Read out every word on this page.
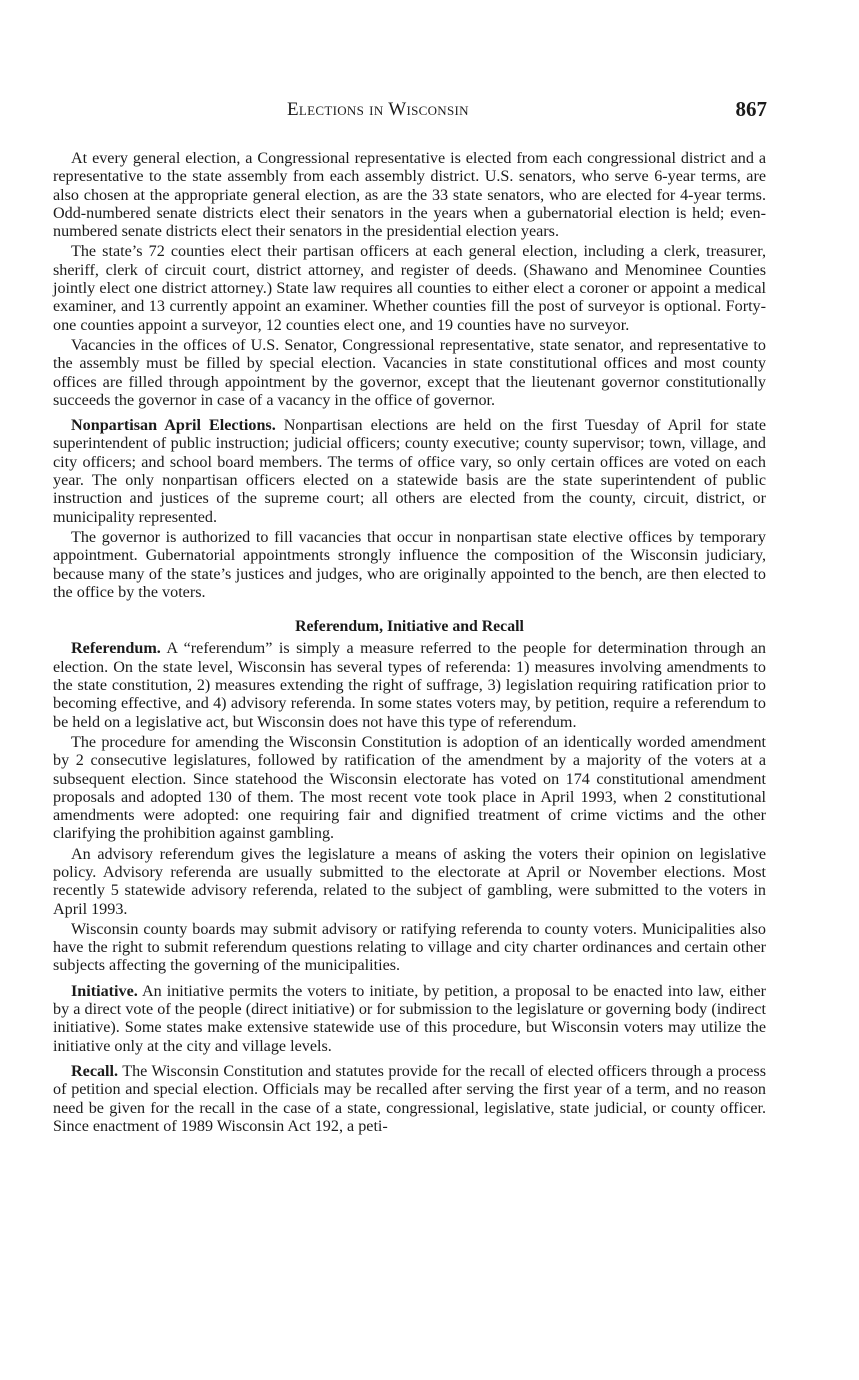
Elections in Wisconsin	867

At every general election, a Congressional representative is elected from each congressional district and a representative to the state assembly from each assembly district. U.S. senators, who serve 6-year terms, are also chosen at the appropriate general election, as are the 33 state senators, who are elected for 4-year terms. Odd-numbered senate districts elect their senators in the years when a gubernatorial election is held; even-numbered senate districts elect their senators in the presidential election years.

The state’s 72 counties elect their partisan officers at each general election, including a clerk, treasurer, sheriff, clerk of circuit court, district attorney, and register of deeds. (Shawano and Menominee Counties jointly elect one district attorney.) State law requires all counties to either elect a coroner or appoint a medical examiner, and 13 currently appoint an examiner. Whether counties fill the post of surveyor is optional. Forty-one counties appoint a surveyor, 12 counties elect one, and 19 counties have no surveyor.

Vacancies in the offices of U.S. Senator, Congressional representative, state senator, and representative to the assembly must be filled by special election. Vacancies in state constitutional offices and most county offices are filled through appointment by the governor, except that the lieutenant governor constitutionally succeeds the governor in case of a vacancy in the office of governor.

Nonpartisan April Elections. Nonpartisan elections are held on the first Tuesday of April for state superintendent of public instruction; judicial officers; county executive; county supervisor; town, village, and city officers; and school board members. The terms of office vary, so only certain offices are voted on each year. The only nonpartisan officers elected on a statewide basis are the state superintendent of public instruction and justices of the supreme court; all others are elected from the county, circuit, district, or municipality represented.

The governor is authorized to fill vacancies that occur in nonpartisan state elective offices by temporary appointment. Gubernatorial appointments strongly influence the composition of the Wisconsin judiciary, because many of the state’s justices and judges, who are originally appointed to the bench, are then elected to the office by the voters.

Referendum, Initiative and Recall

Referendum. A “referendum” is simply a measure referred to the people for determination through an election. On the state level, Wisconsin has several types of referenda: 1) measures involving amendments to the state constitution, 2) measures extending the right of suffrage, 3) legislation requiring ratification prior to becoming effective, and 4) advisory referenda. In some states voters may, by petition, require a referendum to be held on a legislative act, but Wisconsin does not have this type of referendum.

The procedure for amending the Wisconsin Constitution is adoption of an identically worded amendment by 2 consecutive legislatures, followed by ratification of the amendment by a majority of the voters at a subsequent election. Since statehood the Wisconsin electorate has voted on 174 constitutional amendment proposals and adopted 130 of them. The most recent vote took place in April 1993, when 2 constitutional amendments were adopted: one requiring fair and dignified treatment of crime victims and the other clarifying the prohibition against gambling.

An advisory referendum gives the legislature a means of asking the voters their opinion on legislative policy. Advisory referenda are usually submitted to the electorate at April or November elections. Most recently 5 statewide advisory referenda, related to the subject of gambling, were submitted to the voters in April 1993.

Wisconsin county boards may submit advisory or ratifying referenda to county voters. Municipalities also have the right to submit referendum questions relating to village and city charter ordinances and certain other subjects affecting the governing of the municipalities.

Initiative. An initiative permits the voters to initiate, by petition, a proposal to be enacted into law, either by a direct vote of the people (direct initiative) or for submission to the legislature or governing body (indirect initiative). Some states make extensive statewide use of this procedure, but Wisconsin voters may utilize the initiative only at the city and village levels.

Recall. The Wisconsin Constitution and statutes provide for the recall of elected officers through a process of petition and special election. Officials may be recalled after serving the first year of a term, and no reason need be given for the recall in the case of a state, congressional, legislative, state judicial, or county officer. Since enactment of 1989 Wisconsin Act 192, a peti-
